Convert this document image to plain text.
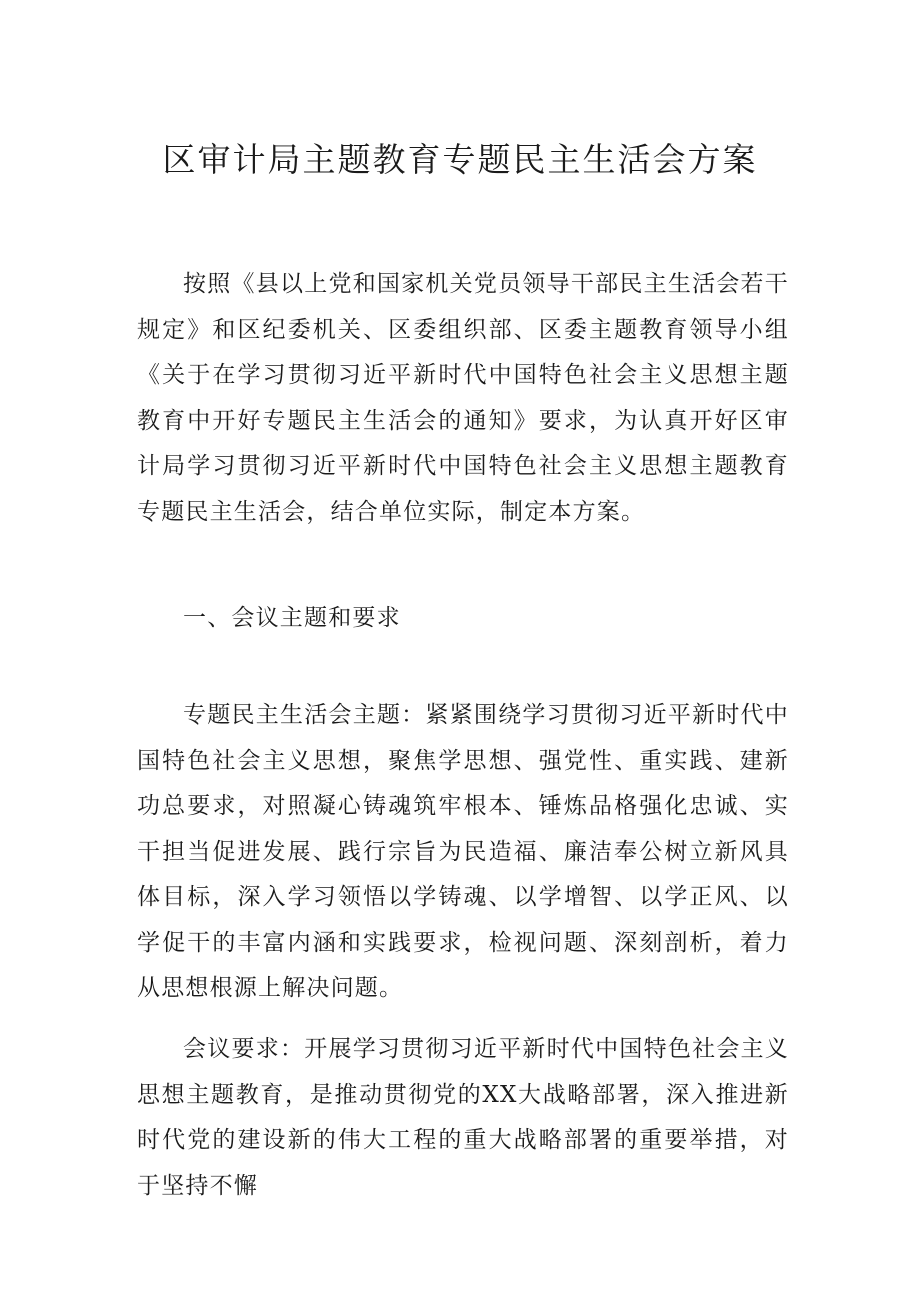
区审计局主题教育专题民主生活会方案

按照《县以上党和国家机关党员领导干部民主生活会若干规定》和区纪委机关、区委组织部、区委主题教育领导小组《关于在学习贯彻习近平新时代中国特色社会主义思想主题教育中开好专题民主生活会的通知》要求，为认真开好区审计局学习贯彻习近平新时代中国特色社会主义思想主题教育专题民主生活会，结合单位实际，制定本方案。

一、会议主题和要求

专题民主生活会主题：紧紧围绕学习贯彻习近平新时代中国特色社会主义思想，聚焦学思想、强党性、重实践、建新功总要求，对照凝心铸魂筑牢根本、锤炼品格强化忠诚、实干担当促进发展、践行宗旨为民造福、廉洁奉公树立新风具体目标，深入学习领悟以学铸魂、以学增智、以学正风、以学促干的丰富内涵和实践要求，检视问题、深刻剖析，着力从思想根源上解决问题。

会议要求：开展学习贯彻习近平新时代中国特色社会主义思想主题教育，是推动贯彻党的XX大战略部署，深入推进新时代党的建设新的伟大工程的重大战略部署的重要举措，对于坚持不懈
